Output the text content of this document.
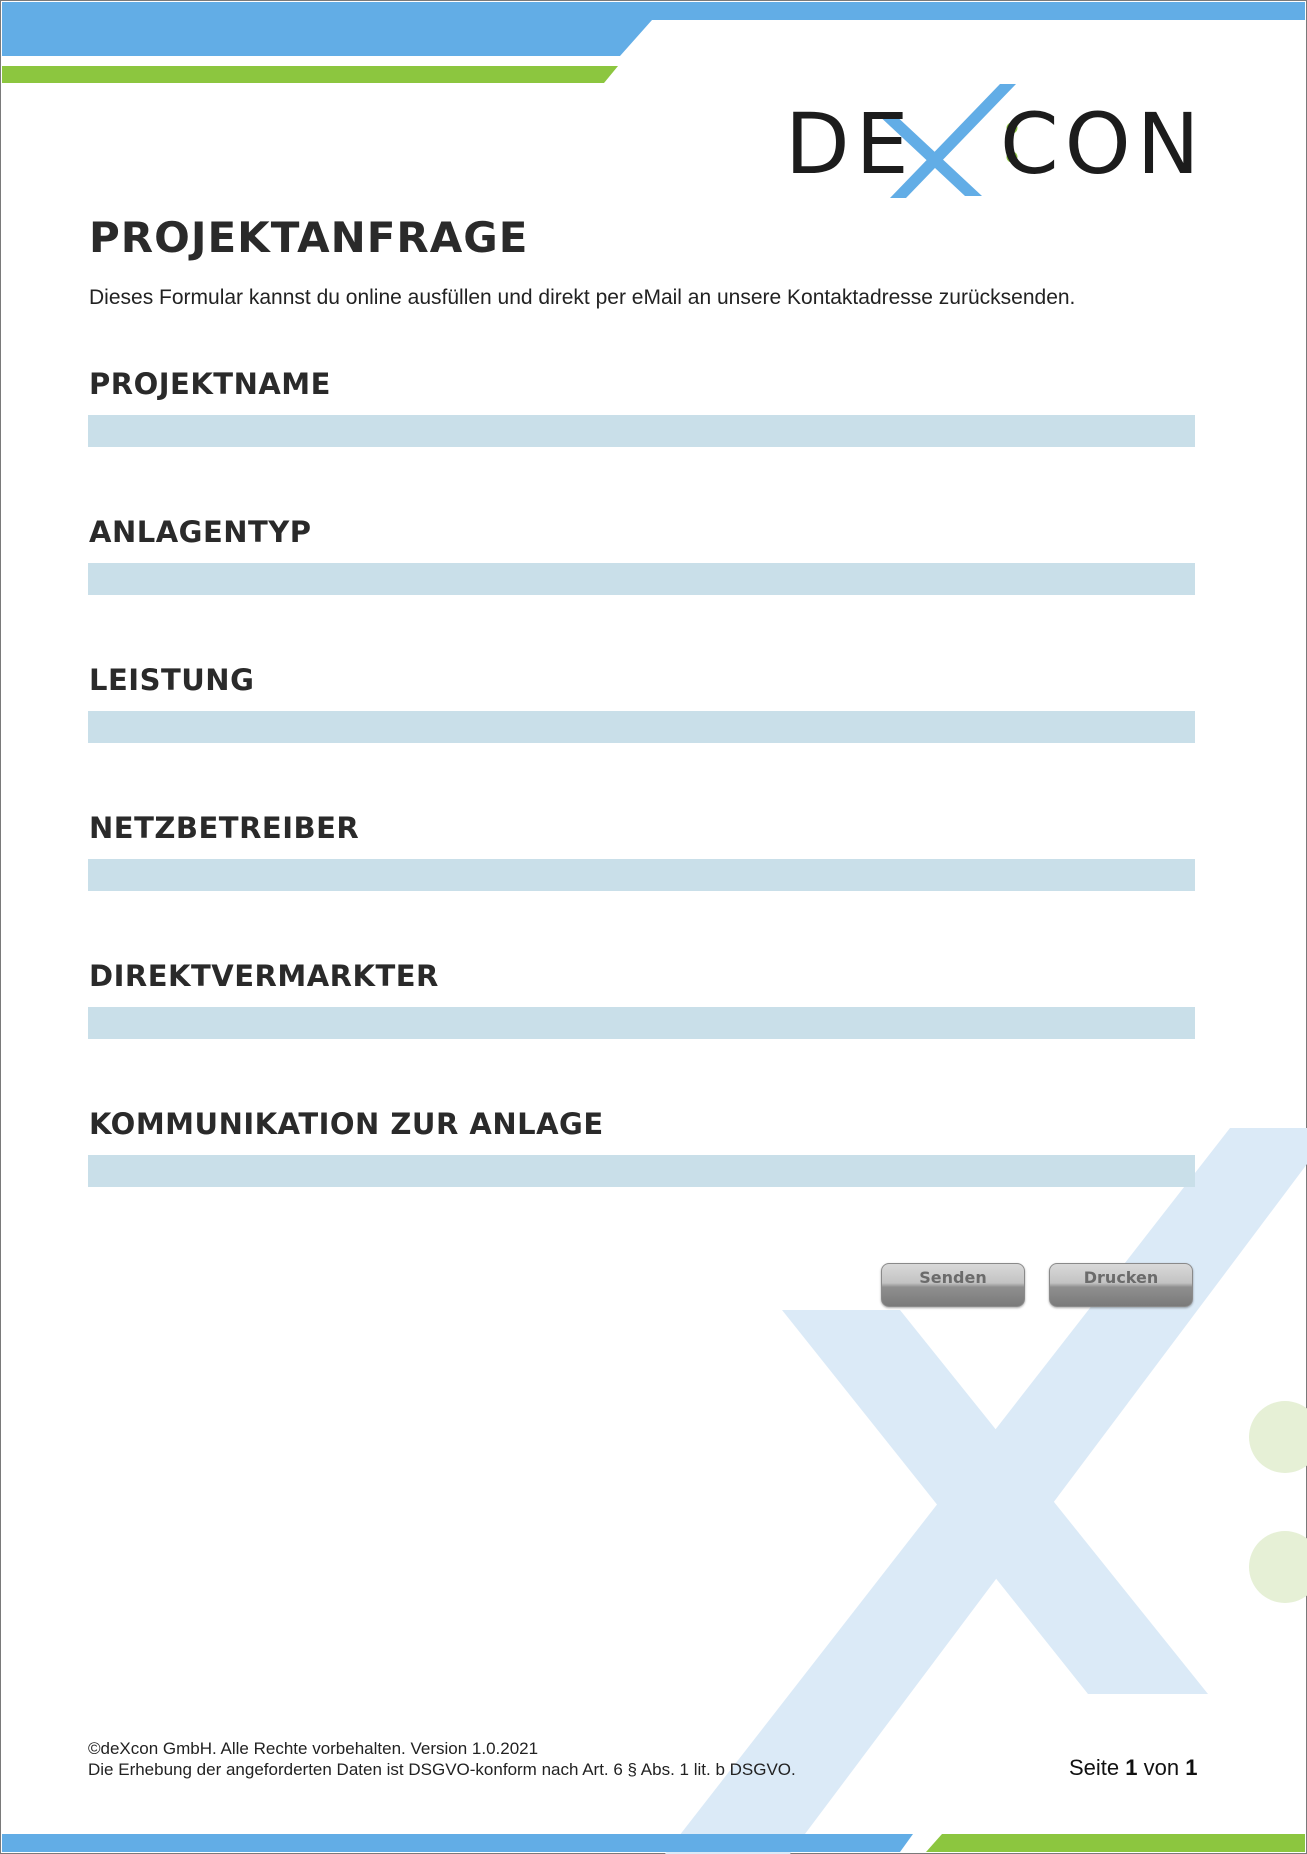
DE CON
PROJEKTANFRAGE
Dieses Formular kannst du online ausfüllen und direkt per eMail an unsere Kontaktadresse zurücksenden.
PROJEKTNAME
ANLAGENTYP
LEISTUNG
NETZBETREIBER
DIREKTVERMARKTER
KOMMUNIKATION ZUR ANLAGE
Senden	Drucken
©deXcon GmbH. Alle Rechte vorbehalten. Version 1.0.2021
Die Erhebung der angeforderten Daten ist DSGVO-konform nach Art. 6 § Abs. 1 lit. b DSGVO.	Seite 1 von 1
